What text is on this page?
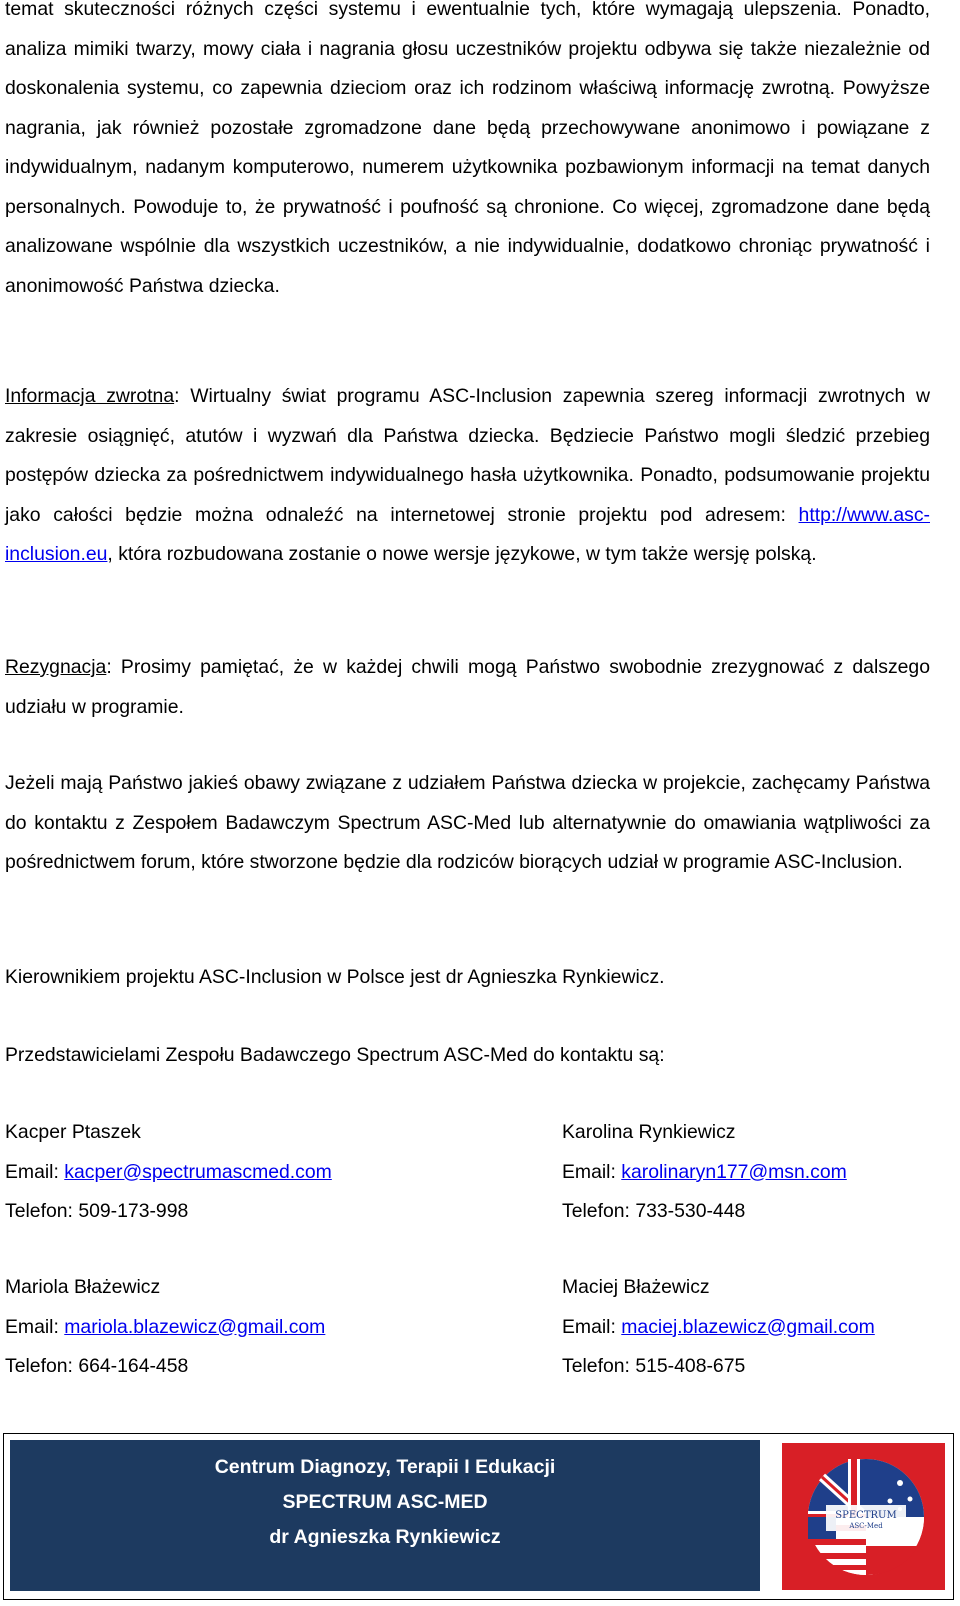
temat skuteczności różnych części systemu i ewentualnie tych, które wymagają ulepszenia. Ponadto, analiza mimiki twarzy, mowy ciała i nagrania głosu uczestników projektu odbywa się także niezależnie od doskonalenia systemu, co zapewnia dzieciom oraz ich rodzinom właściwą informację zwrotną. Powyższe nagrania, jak również pozostałe zgromadzone dane będą przechowywane anonimowo i powiązane z indywidualnym, nadanym komputerowo, numerem użytkownika pozbawionym informacji na temat danych personalnych. Powoduje to, że prywatność i poufność są chronione. Co więcej, zgromadzone dane będą analizowane wspólnie dla wszystkich uczestników, a nie indywidualnie, dodatkowo chroniąc prywatność i anonimowość Państwa dziecka.

Informacja zwrotna: Wirtualny świat programu ASC-Inclusion zapewnia szereg informacji zwrotnych w zakresie osiągnięć, atutów i wyzwań dla Państwa dziecka. Będziecie Państwo mogli śledzić przebieg postępów dziecka za pośrednictwem indywidualnego hasła użytkownika. Ponadto, podsumowanie projektu jako całości będzie można odnaleźć na internetowej stronie projektu pod adresem: http://www.asc-inclusion.eu, która rozbudowana zostanie o nowe wersje językowe, w tym także wersję polską.

Rezygnacja: Prosimy pamiętać, że w każdej chwili mogą Państwo swobodnie zrezygnować z dalszego udziału w programie.

Jeżeli mają Państwo jakieś obawy związane z udziałem Państwa dziecka w projekcie, zachęcamy Państwa do kontaktu z Zespołem Badawczym Spectrum ASC-Med lub alternatywnie do omawiania wątpliwości za pośrednictwem forum, które stworzone będzie dla rodziców biorących udział w programie ASC-Inclusion.

Kierownikiem projektu ASC-Inclusion w Polsce jest dr Agnieszka Rynkiewicz.

Przedstawicielami Zespołu Badawczego Spectrum ASC-Med do kontaktu są:

Kacper Ptaszek
Email: kacper@spectrumascmed.com
Telefon: 509-173-998
Karolina Rynkiewicz
Email: karolinaryn177@msn.com
Telefon: 733-530-448
Mariola Błażewicz
Email: mariola.blazewicz@gmail.com
Telefon: 664-164-458
Maciej Błażewicz
Email: maciej.blazewicz@gmail.com
Telefon: 515-408-675
Centrum Diagnozy, Terapii I Edukacji
SPECTRUM ASC-MED
dr Agnieszka Rynkiewicz
SPECTRUM
ASC-Med
